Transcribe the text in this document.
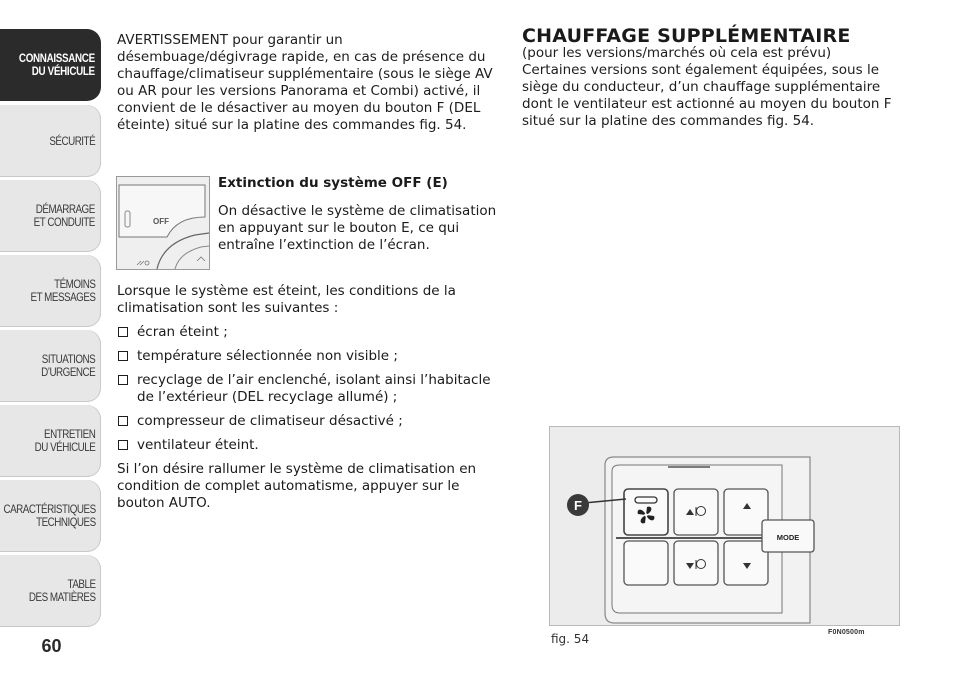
CONNAISSANCE
DU VÉHICULE
SÉCURITÉ
DÉMARRAGE
ET CONDUITE
TÉMOINS
ET MESSAGES
SITUATIONS
D’URGENCE
ENTRETIEN
DU VÉHICULE
CARACTÉRISTIQUES
TECHNIQUES
TABLE
DES MATIÈRES
60

AVERTISSEMENT pour garantir un désembuage/dégivrage rapide, en cas de présence du chauffage/climatiseur supplémentaire (sous le siège AV ou AR pour les versions Panorama et Combi) activé, il convient de le désactiver au moyen du bouton F (DEL éteinte) situé sur la platine des commandes fig. 54.

OFF

Extinction du système OFF (E)

On désactive le système de climatisation en appuyant sur le bouton E, ce qui entraîne l’extinction de l’écran.

Lorsque le système est éteint, les conditions de la climatisation sont les suivantes :

écran éteint ;
température sélectionnée non visible ;
recyclage de l’air enclenché, isolant ainsi l’habitacle de l’extérieur (DEL recyclage allumé) ;
compresseur de climatiseur désactivé ;
ventilateur éteint.

Si l’on désire rallumer le système de climatisation en condition de complet automatisme, appuyer sur le bouton AUTO.

CHAUFFAGE SUPPLÉMENTAIRE

(pour les versions/marchés où cela est prévu)

Certaines versions sont également équipées, sous le siège du conducteur, d’un chauffage supplémentaire dont le ventilateur est actionné au moyen du bouton F situé sur la platine des commandes fig. 54.

MODE
F
fig. 54	F0N0500m
